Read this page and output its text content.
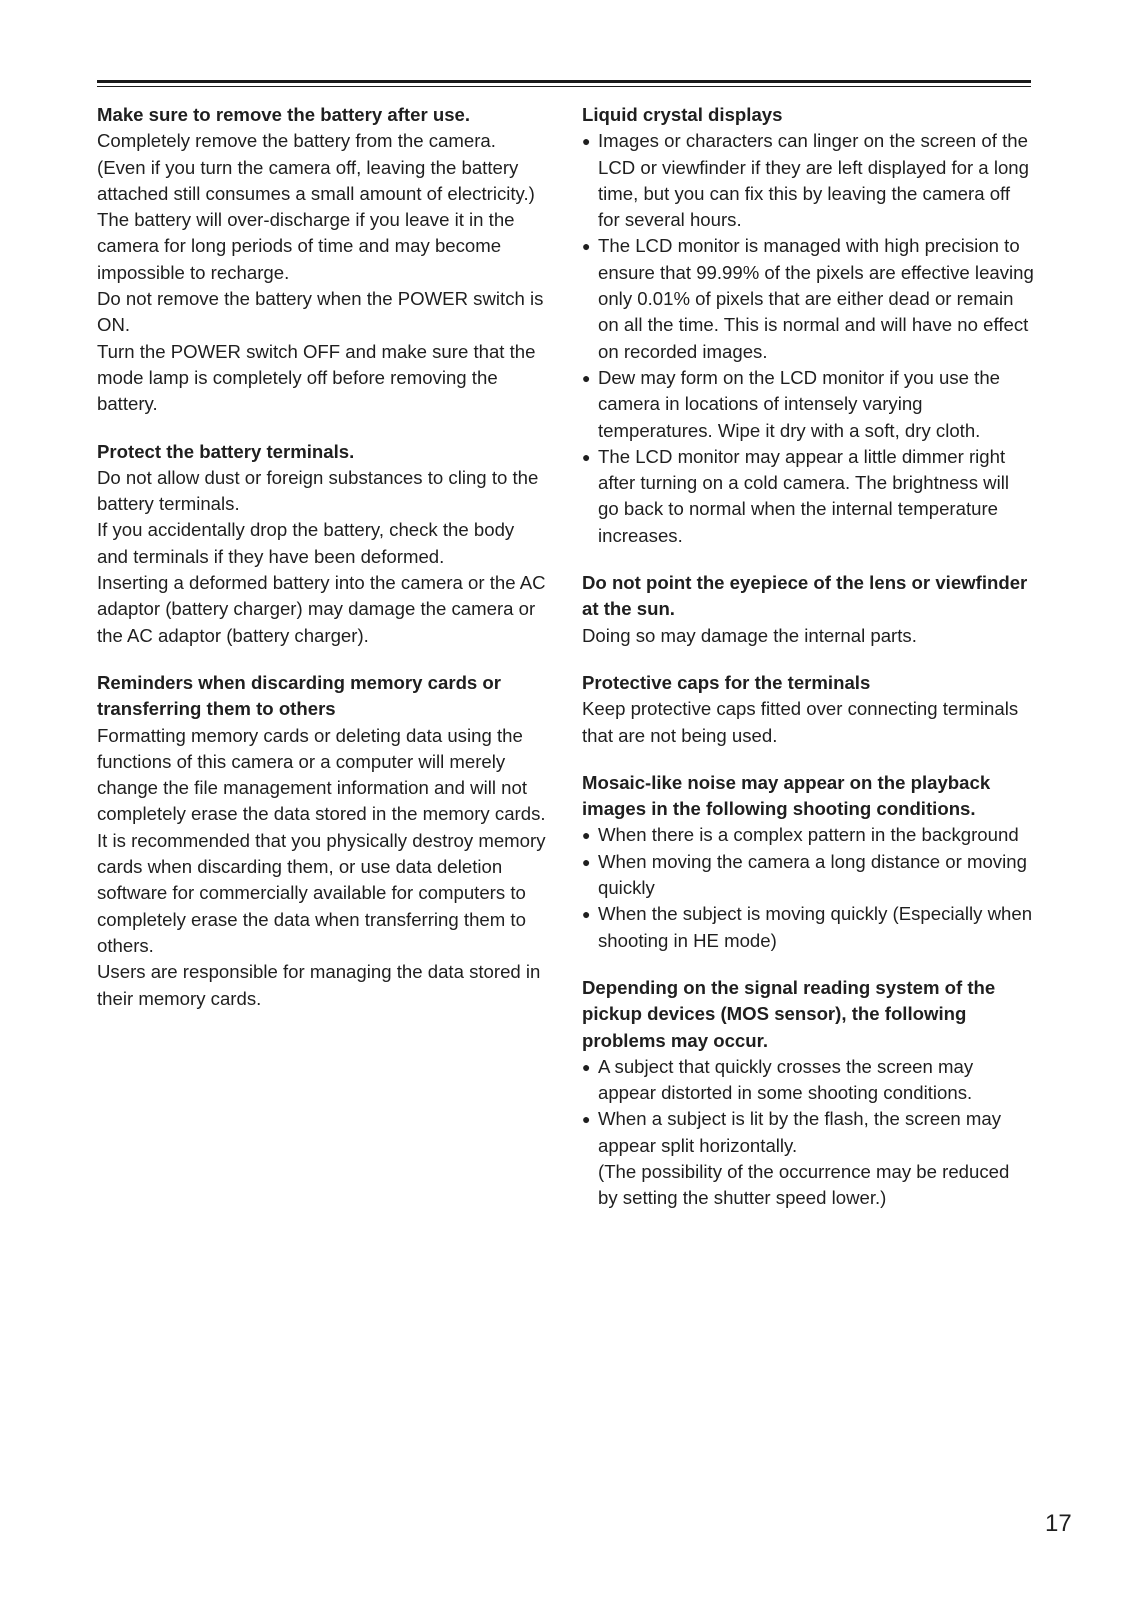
Make sure to remove the battery after use.

Completely remove the battery from the camera. (Even if you turn the camera off, leaving the battery attached still consumes a small amount of electricity.) The battery will over-discharge if you leave it in the camera for long periods of time and may become impossible to recharge.

Do not remove the battery when the POWER switch is ON.

Turn the POWER switch OFF and make sure that the mode lamp is completely off before removing the battery.

Protect the battery terminals.

Do not allow dust or foreign substances to cling to the battery terminals.

If you accidentally drop the battery, check the body and terminals if they have been deformed.

Inserting a deformed battery into the camera or the AC adaptor (battery charger) may damage the camera or the AC adaptor (battery charger).

Reminders when discarding memory cards or transferring them to others

Formatting memory cards or deleting data using the functions of this camera or a computer will merely change the file management information and will not completely erase the data stored in the memory cards. It is recommended that you physically destroy memory cards when discarding them, or use data deletion software for commercially available for computers to completely erase the data when transferring them to others.

Users are responsible for managing the data stored in their memory cards.

Liquid crystal displays

● Images or characters can linger on the screen of the LCD or viewfinder if they are left displayed for a long time, but you can fix this by leaving the camera off for several hours.
● The LCD monitor is managed with high precision to ensure that 99.99% of the pixels are effective leaving only 0.01% of pixels that are either dead or remain on all the time. This is normal and will have no effect on recorded images.
● Dew may form on the LCD monitor if you use the camera in locations of intensely varying temperatures. Wipe it dry with a soft, dry cloth.
● The LCD monitor may appear a little dimmer right after turning on a cold camera. The brightness will go back to normal when the internal temperature increases.

Do not point the eyepiece of the lens or viewfinder at the sun.

Doing so may damage the internal parts.

Protective caps for the terminals

Keep protective caps fitted over connecting terminals that are not being used.

Mosaic-like noise may appear on the playback images in the following shooting conditions.

● When there is a complex pattern in the background
● When moving the camera a long distance or moving quickly
● When the subject is moving quickly (Especially when shooting in HE mode)

Depending on the signal reading system of the pickup devices (MOS sensor), the following problems may occur.

● A subject that quickly crosses the screen may appear distorted in some shooting conditions.
● When a subject is lit by the flash, the screen may appear split horizontally.
(The possibility of the occurrence may be reduced by setting the shutter speed lower.)
17
